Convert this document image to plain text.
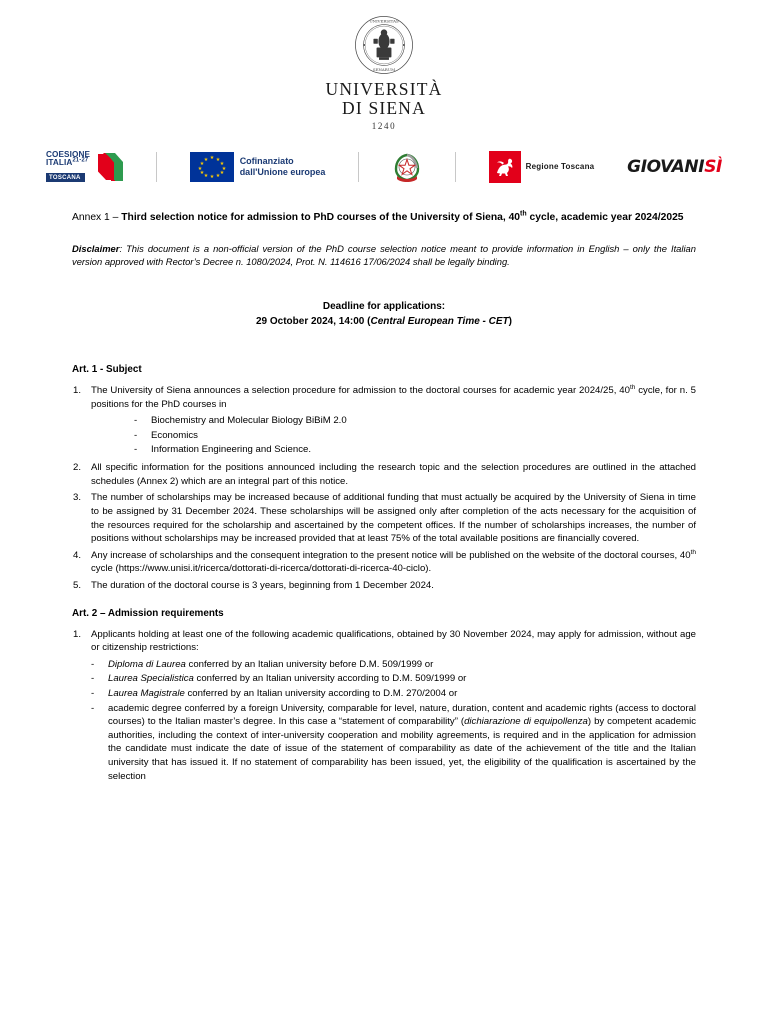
UNIVERSITAS
SENARUM
UNIVERSITÀ
DI SIENA
1240
COESIONE
ITALIA$^{21-27}$
TOSCANA
★ ★
★
★
★
★
★
★
★
★
★
★	Cofinanziato
dall'Unione europea	Regione Toscana GIOVANISÌ
Annex 1 – Third selection notice for admission to PhD courses of the University of Siena, 40th cycle, academic year 2024/2025
Disclaimer: This document is a non-official version of the PhD course selection notice meant to provide information in English – only the Italian version approved with Rector’s Decree n. 1080/2024, Prot. N. 114616 17/06/2024 shall be legally binding.
Deadline for applications:
29 October 2024, 14:00 (Central European Time - CET)
Art. 1 - Subject
1.	The University of Siena announces a selection procedure for admission to the doctoral courses for academic year 2024/25, 40th cycle, for n. 5 positions for the PhD courses in
-	Biochemistry and Molecular Biology BiBiM 2.0
-	Economics
-	Information Engineering and Science.
2.	All specific information for the positions announced including the research topic and the selection procedures are outlined in the attached schedules (Annex 2) which are an integral part of this notice.
3.	The number of scholarships may be increased because of additional funding that must actually be acquired by the University of Siena in time to be assigned by 31 December 2024. These scholarships will be assigned only after completion of the acts necessary for the acquisition of the resources required for the scholarship and ascertained by the competent offices. If the number of scholarships increases, the number of positions without scholarships may be increased provided that at least 75% of the total available positions are financially covered.
4.	Any increase of scholarships and the consequent integration to the present notice will be published on the website of the doctoral courses, 40th cycle (https://www.unisi.it/ricerca/dottorati-di-ricerca/dottorati-di-ricerca-40-ciclo).
5.	The duration of the doctoral course is 3 years, beginning from 1 December 2024.
Art. 2 – Admission requirements
1.	Applicants holding at least one of the following academic qualifications, obtained by 30 November 2024, may apply for admission, without age or citizenship restrictions:
-	Diploma di Laurea conferred by an Italian university before D.M. 509/1999 or
-	Laurea Specialistica conferred by an Italian university according to D.M. 509/1999 or
-	Laurea Magistrale conferred by an Italian university according to D.M. 270/2004 or
-	academic degree conferred by a foreign University, comparable for level, nature, duration, content and academic rights (access to doctoral courses) to the Italian master’s degree. In this case a “statement of comparability” (dichiarazione di equipollenza) by competent academic authorities, including the context of inter-university cooperation and mobility agreements, is required and in the application for admission the candidate must indicate the date of issue of the statement of comparability as date of the achievement of the title and the Italian university that has issued it. If no statement of comparability has been issued, yet, the eligibility of the qualification is ascertained by the selection
